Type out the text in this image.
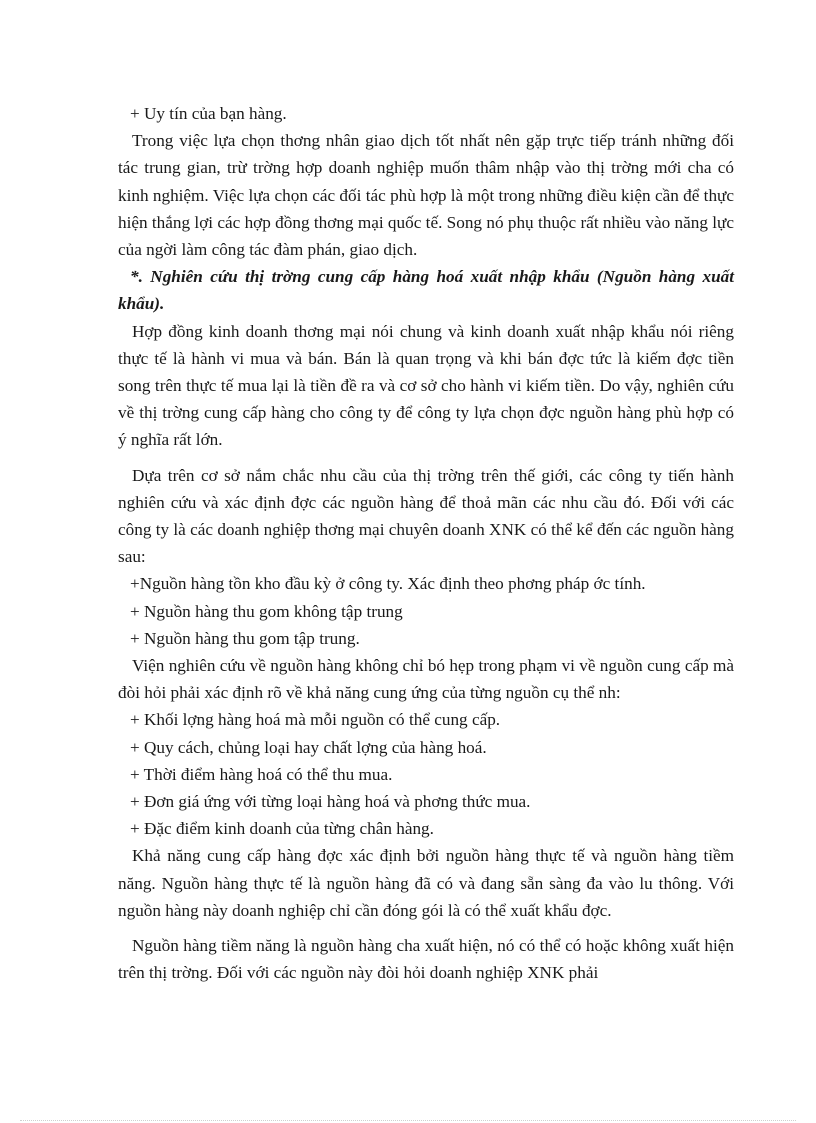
+ Uy tín của bạn hàng.

Trong việc lựa chọn thơng nhân giao dịch tốt nhất nên gặp trực tiếp tránh những đối tác trung gian, trừ trờng hợp doanh nghiệp muốn thâm nhập vào thị trờng mới cha có kinh nghiệm. Việc lựa chọn các đối tác phù hợp là một trong những điều kiện cần để thực hiện thắng lợi các hợp đồng thơng mại quốc tế. Song nó phụ thuộc rất nhiều vào năng lực của ngời làm công tác đàm phán, giao dịch.

*. Nghiên cứu thị trờng cung cấp hàng hoá xuất nhập khẩu (Nguồn hàng xuất khẩu).

Hợp đồng kinh doanh thơng mại nói chung và kinh doanh xuất nhập khẩu nói riêng thực tế là hành vi mua và bán. Bán là quan trọng và khi bán đợc tức là kiếm đợc tiền song trên thực tế mua lại là tiền đề ra và cơ sở cho hành vi kiếm tiền. Do vậy, nghiên cứu về thị trờng cung cấp hàng cho công ty để công ty lựa chọn đợc nguồn hàng phù hợp có ý nghĩa rất lớn.

Dựa trên cơ sở nắm chắc nhu cầu của thị trờng trên thế giới, các công ty tiến hành nghiên cứu và xác định đợc các nguồn hàng để thoả mãn các nhu cầu đó. Đối với các công ty là các doanh nghiệp thơng mại chuyên doanh XNK có thể kể đến các nguồn hàng sau:

+Nguồn hàng tồn kho đầu kỳ ở công ty. Xác định theo phơng pháp ớc tính.

+ Nguồn hàng thu gom không tập trung

+ Nguồn hàng thu gom tập trung.

Viện nghiên cứu về nguồn hàng không chỉ bó hẹp trong phạm vi về nguồn cung cấp mà đòi hỏi phải xác định rõ về khả năng cung ứng của từng nguồn cụ thể nh:

+ Khối lợng hàng hoá mà mỗi nguồn có thể cung cấp.

+ Quy cách, chủng loại hay chất lợng của hàng hoá.

+ Thời điểm hàng hoá có thể thu mua.

+ Đơn giá ứng với từng loại hàng hoá và phơng thức mua.

+ Đặc điểm kinh doanh của từng chân hàng.

Khả năng cung cấp hàng đợc xác định bởi nguồn hàng thực tế và nguồn hàng tiềm năng. Nguồn hàng thực tế là nguồn hàng đã có và đang sẵn sàng đa vào lu thông. Với nguồn hàng này doanh nghiệp chỉ cần đóng gói là có thể xuất khẩu đợc.

Nguồn hàng tiềm năng là nguồn hàng cha xuất hiện, nó có thể có hoặc không xuất hiện trên thị trờng. Đối với các nguồn này đòi hỏi doanh nghiệp XNK phải
